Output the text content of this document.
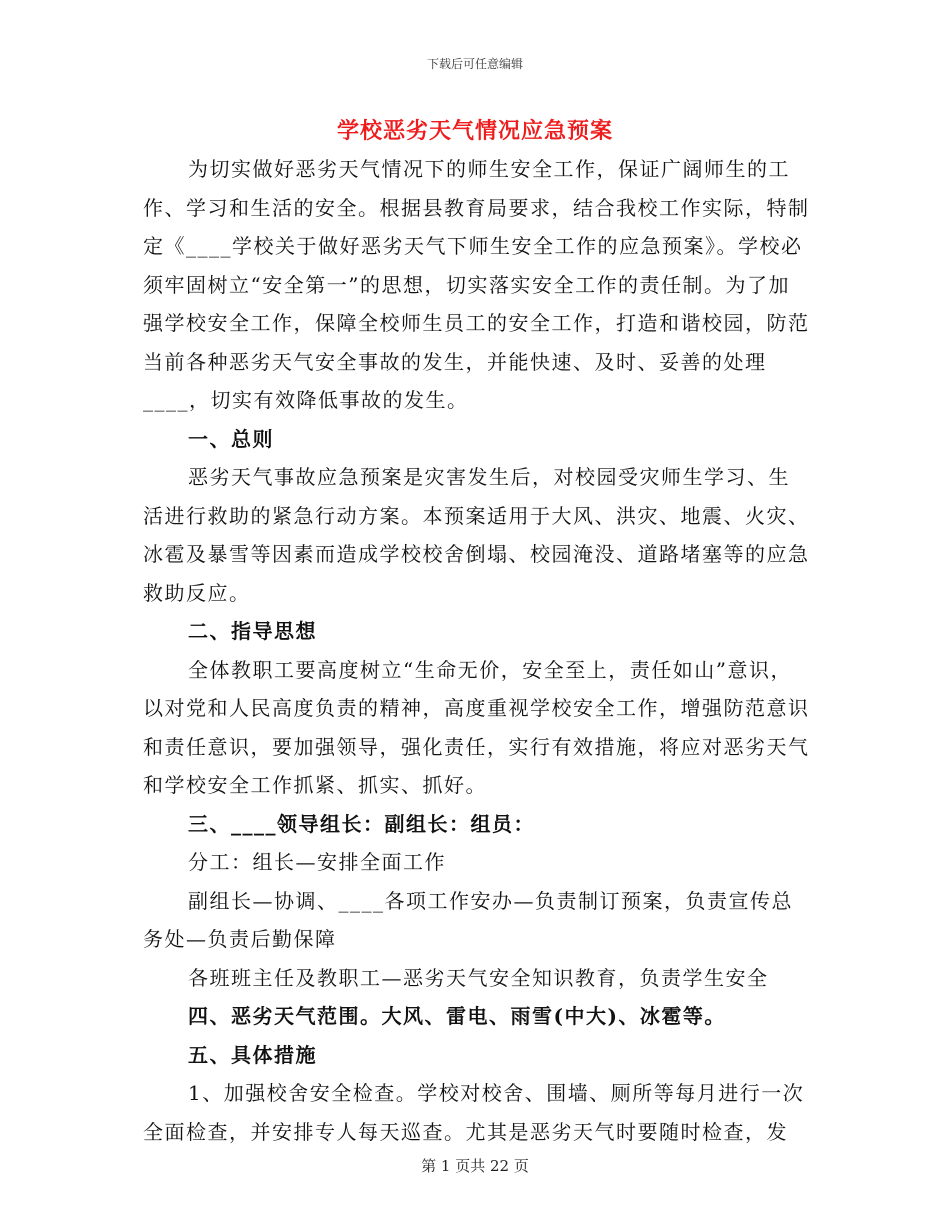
下载后可任意编辑
学校恶劣天气情况应急预案

为切实做好恶劣天气情况下的师生安全工作，保证广阔师生的工作、学习和生活的安全。根据县教育局要求，结合我校工作实际，特制定《____学校关于做好恶劣天气下师生安全工作的应急预案》。学校必须牢固树立“安全第一”的思想，切实落实安全工作的责任制。为了加强学校安全工作，保障全校师生员工的安全工作，打造和谐校园，防范当前各种恶劣天气安全事故的发生，并能快速、及时、妥善的处理____，切实有效降低事故的发生。

一、总则

恶劣天气事故应急预案是灾害发生后，对校园受灾师生学习、生活进行救助的紧急行动方案。本预案适用于大风、洪灾、地震、火灾、冰雹及暴雪等因素而造成学校校舍倒塌、校园淹没、道路堵塞等的应急救助反应。

二、指导思想

全体教职工要高度树立“生命无价，安全至上，责任如山”意识，以对党和人民高度负责的精神，高度重视学校安全工作，增强防范意识和责任意识，要加强领导，强化责任，实行有效措施，将应对恶劣天气和学校安全工作抓紧、抓实、抓好。

三、____领导组长：副组长：组员：

分工：组长—安排全面工作

副组长—协调、____各项工作安办—负责制订预案，负责宣传总务处—负责后勤保障

各班班主任及教职工—恶劣天气安全知识教育，负责学生安全

四、恶劣天气范围。大风、雷电、雨雪(中大)、冰雹等。

五、具体措施

1、加强校舍安全检查。学校对校舍、围墙、厕所等每月进行一次全面检查，并安排专人每天巡查。尤其是恶劣天气时要随时检查，发

第 1 页共 22 页
